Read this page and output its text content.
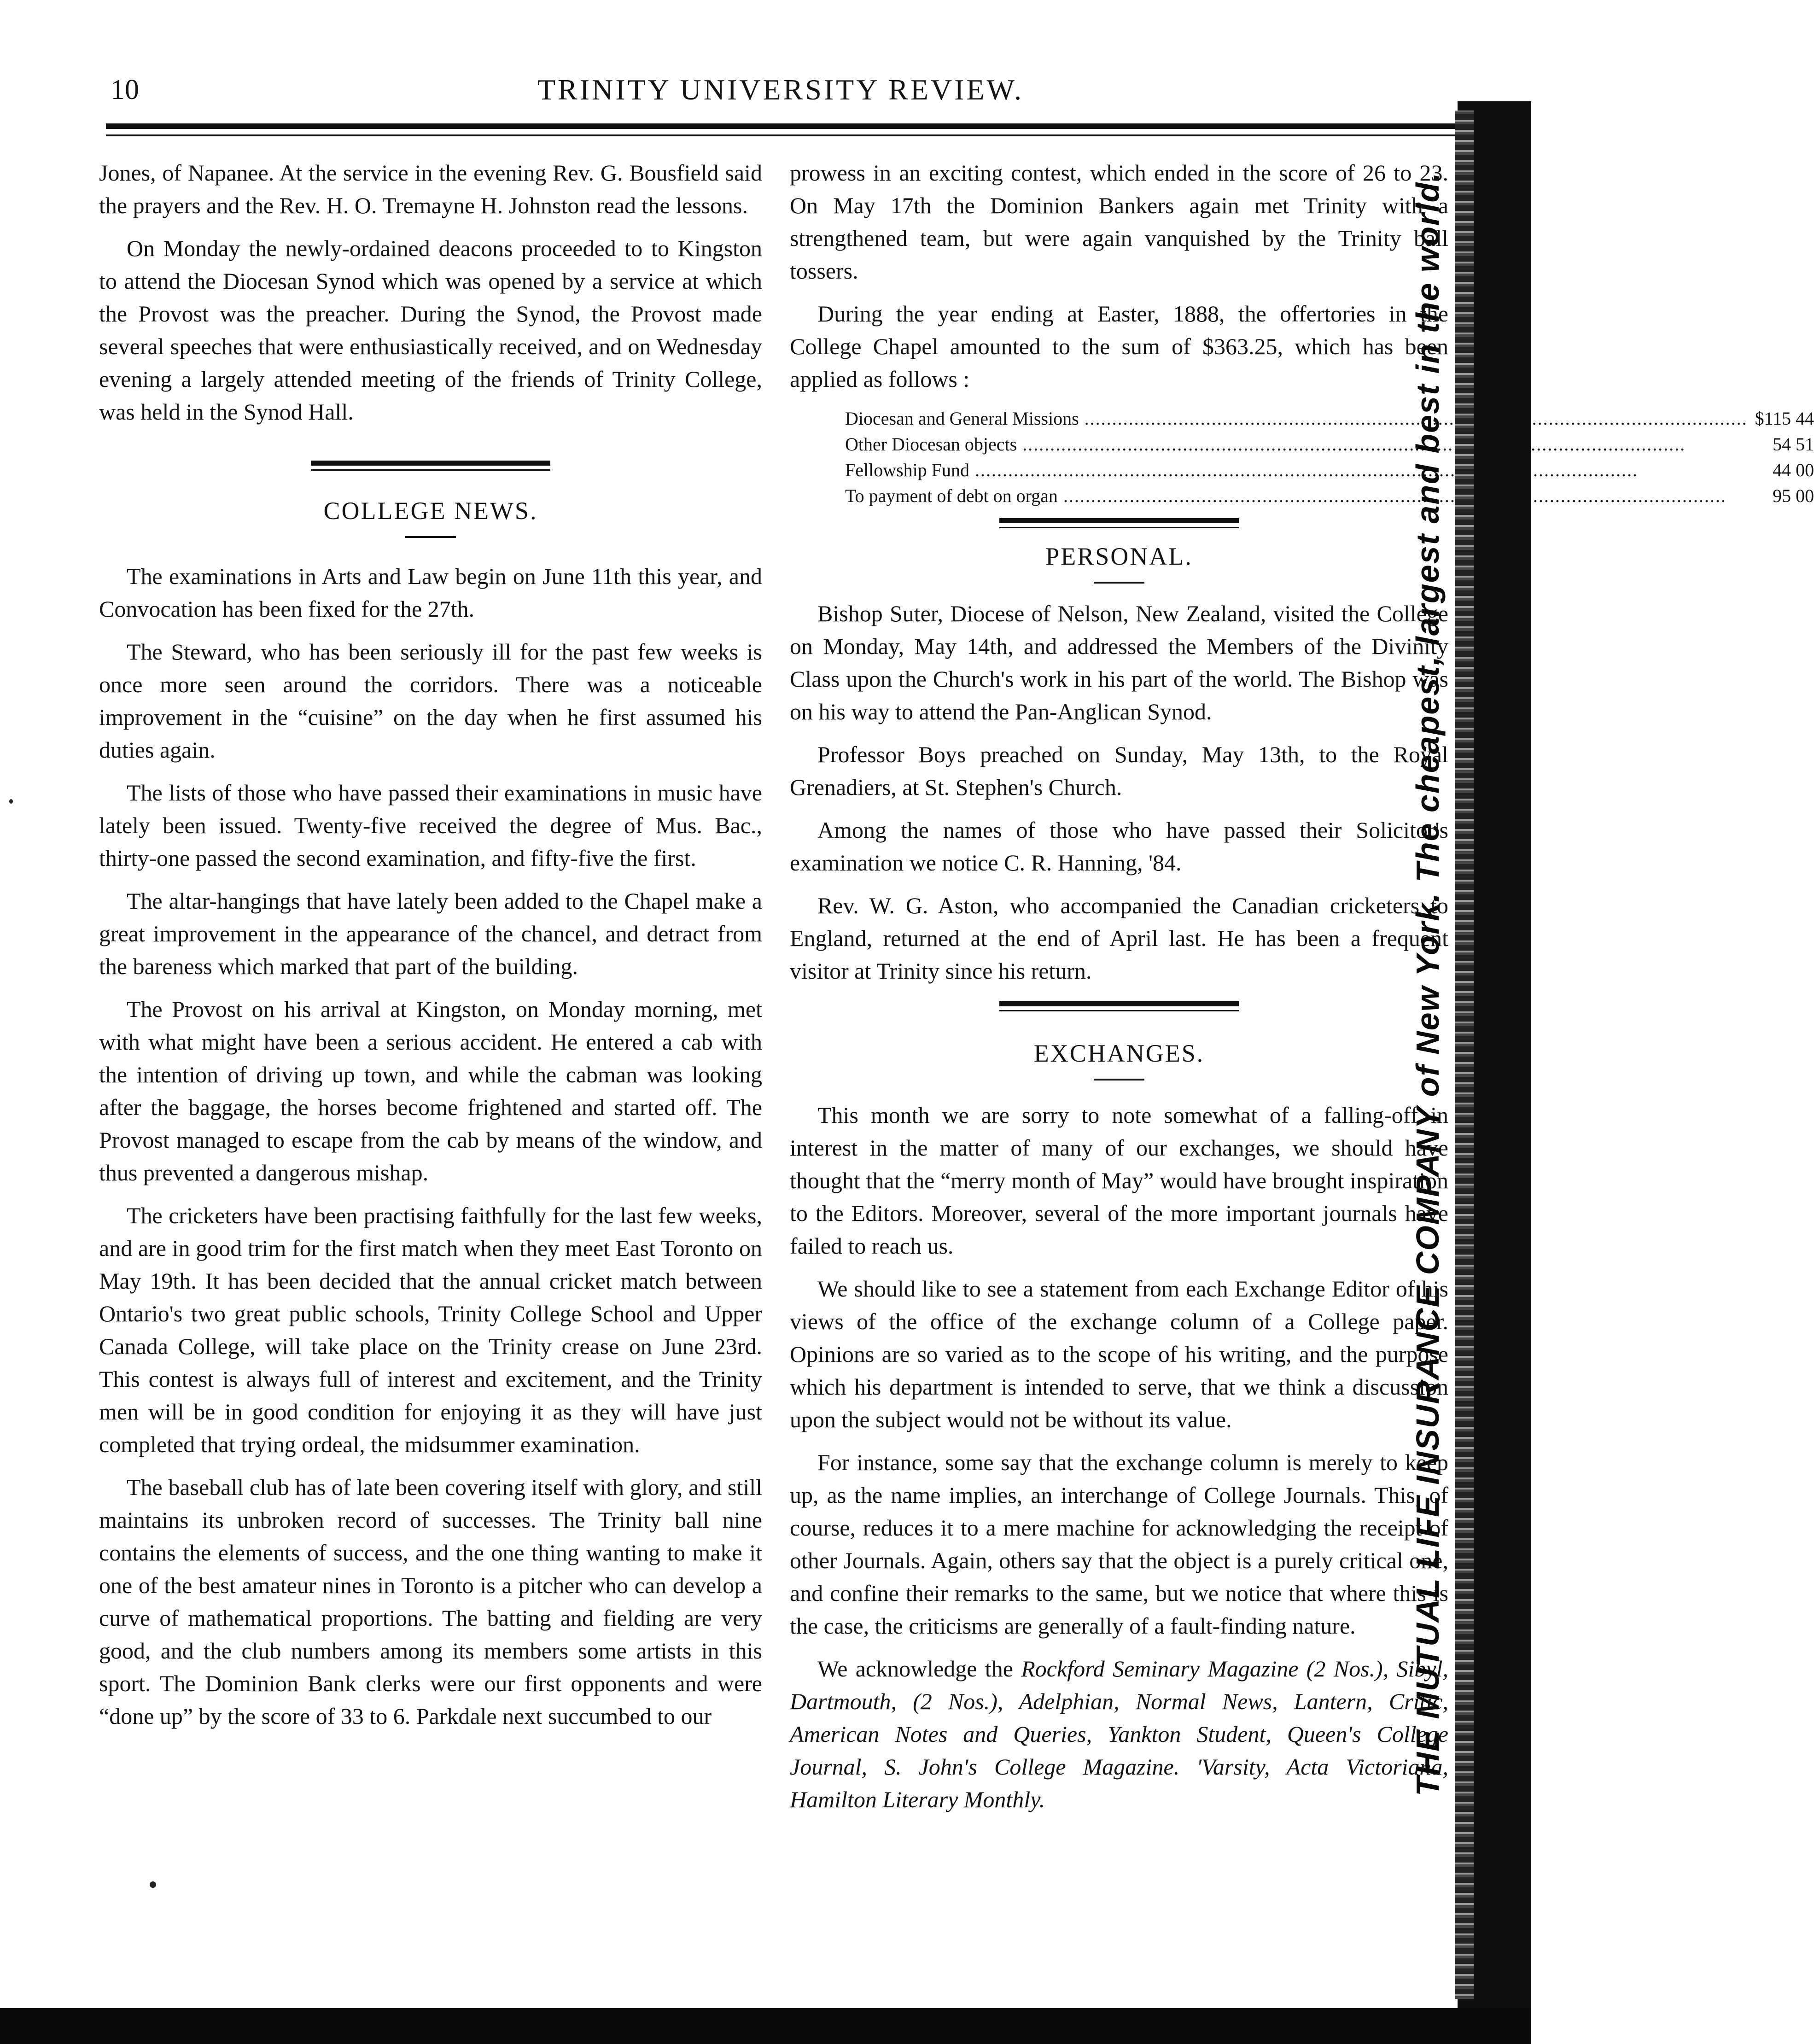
10	TRINITY UNIVERSITY REVIEW.

Jones, of Napanee. At the service in the evening Rev. G. Bousfield said the prayers and the Rev. H. O. Tremayne H. Johnston read the lessons.

On Monday the newly-ordained deacons proceeded to to Kingston to attend the Diocesan Synod which was opened by a service at which the Provost was the preacher. During the Synod, the Provost made several speeches that were enthusiastically received, and on Wednesday evening a largely attended meeting of the friends of Trinity College, was held in the Synod Hall.

COLLEGE NEWS.

The examinations in Arts and Law begin on June 11th this year, and Convocation has been fixed for the 27th.

The Steward, who has been seriously ill for the past few weeks is once more seen around the corridors. There was a noticeable improvement in the “cuisine” on the day when he first assumed his duties again.

The lists of those who have passed their examinations in music have lately been issued. Twenty-five received the degree of Mus. Bac., thirty-one passed the second examination, and fifty-five the first.

The altar-hangings that have lately been added to the Chapel make a great improvement in the appearance of the chancel, and detract from the bareness which marked that part of the building.

The Provost on his arrival at Kingston, on Monday morning, met with what might have been a serious accident. He entered a cab with the intention of driving up town, and while the cabman was looking after the baggage, the horses become frightened and started off. The Provost managed to escape from the cab by means of the window, and thus prevented a dangerous mishap.

The cricketers have been practising faithfully for the last few weeks, and are in good trim for the first match when they meet East Toronto on May 19th. It has been decided that the annual cricket match between Ontario's two great public schools, Trinity College School and Upper Canada College, will take place on the Trinity crease on June 23rd. This contest is always full of interest and excitement, and the Trinity men will be in good condition for enjoying it as they will have just completed that trying ordeal, the midsummer examination.

The baseball club has of late been covering itself with glory, and still maintains its unbroken record of successes. The Trinity ball nine contains the elements of success, and the one thing wanting to make it one of the best amateur nines in Toronto is a pitcher who can develop a curve of mathematical proportions. The batting and fielding are very good, and the club numbers among its members some artists in this sport. The Dominion Bank clerks were our first opponents and were “done up” by the score of 33 to 6. Parkdale next succumbed to our

prowess in an exciting contest, which ended in the score of 26 to 23. On May 17th the Dominion Bankers again met Trinity with a strengthened team, but were again vanquished by the Trinity ball tossers.

During the year ending at Easter, 1888, the offertories in the College Chapel amounted to the sum of $363.25, which has been applied as follows :

Diocesan and General Missions .....	$115 44
Other Diocesan objects .....	54 51
Fellowship Fund .....	44 00
To payment of debt on organ .....	95 00
PERSONAL.

Bishop Suter, Diocese of Nelson, New Zealand, visited the College on Monday, May 14th, and addressed the Members of the Divinity Class upon the Church's work in his part of the world. The Bishop was on his way to attend the Pan-Anglican Synod.

Professor Boys preached on Sunday, May 13th, to the Royal Grenadiers, at St. Stephen's Church.

Among the names of those who have passed their Solicitor's examination we notice C. R. Hanning, '84.

Rev. W. G. Aston, who accompanied the Canadian cricketers to England, returned at the end of April last. He has been a frequent visitor at Trinity since his return.

EXCHANGES.

This month we are sorry to note somewhat of a falling-off in interest in the matter of many of our exchanges, we should have thought that the “merry month of May” would have brought inspiration to the Editors. Moreover, several of the more important journals have failed to reach us.

We should like to see a statement from each Exchange Editor of his views of the office of the exchange column of a College paper. Opinions are so varied as to the scope of his writing, and the purpose which his department is intended to serve, that we think a discussion upon the subject would not be without its value.

For instance, some say that the exchange column is merely to keep up, as the name implies, an interchange of College Journals. This, of course, reduces it to a mere machine for acknowledging the receipt of other Journals. Again, others say that the object is a purely critical one, and confine their remarks to the same, but we notice that where this is the case, the criticisms are generally of a fault-finding nature.

We acknowledge the Rockford Seminary Magazine (2 Nos.), Sibyl, Dartmouth, (2 Nos.), Adelphian, Normal News, Lantern, Critic, American Notes and Queries, Yankton Student, Queen's College Journal, S. John's College Magazine. 'Varsity, Acta Victoriana, Hamilton Literary Monthly.

THE MUTUAL LIFE INSURANCE COMPANY of New York. The cheapest, largest and best in the world.
